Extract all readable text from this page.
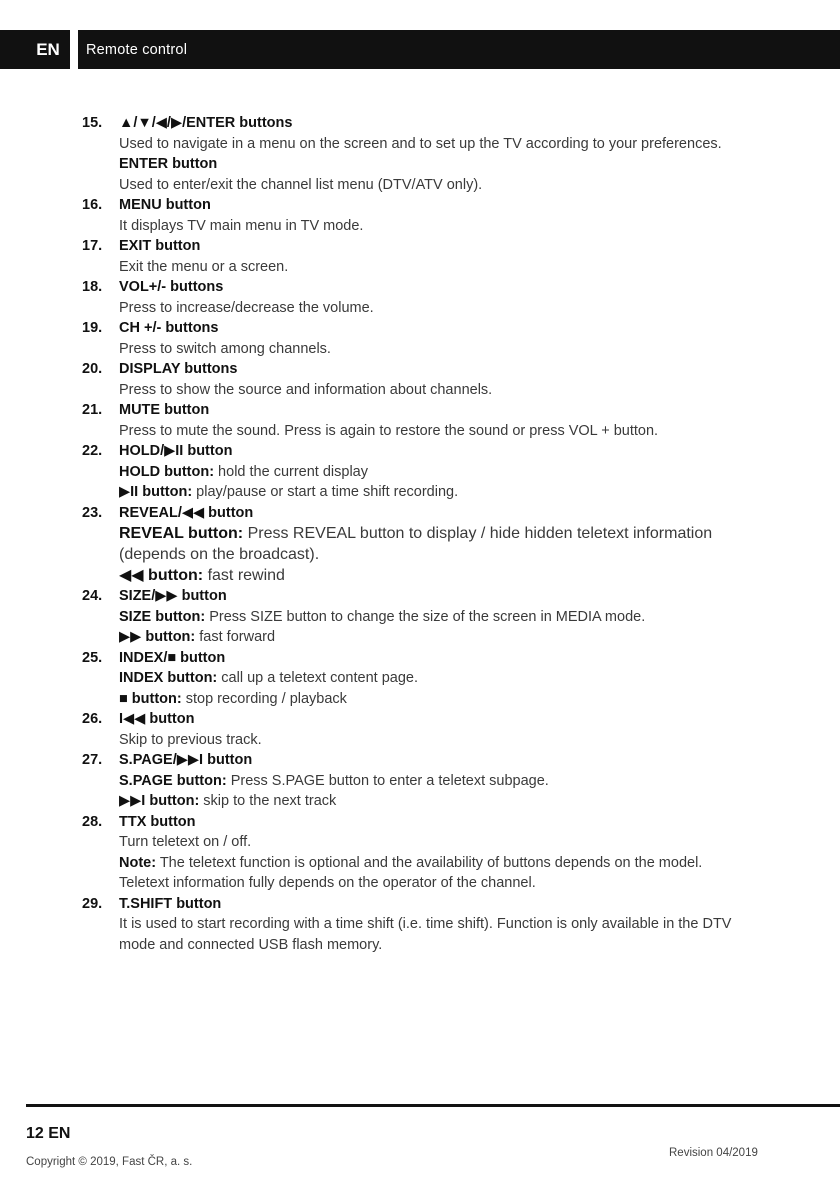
EN	Remote control
15.	▲/▼/◀/▶/ENTER buttons
Used to navigate in a menu on the screen and to set up the TV according to your preferences.
ENTER button
Used to enter/exit the channel list menu (DTV/ATV only).
16.	MENU button
It displays TV main menu in TV mode.
17.	EXIT button
Exit the menu or a screen.
18.	VOL+/- buttons
Press to increase/decrease the volume.
19.	CH +/- buttons
Press to switch among channels.
20.	DISPLAY buttons
Press to show the source and information about channels.
21.	MUTE button
Press to mute the sound. Press is again to restore the sound or press VOL + button.
22.	HOLD/▶II button
HOLD button: hold the current display
▶II button: play/pause or start a time shift recording.
23.	REVEAL/◀◀ button
REVEAL button: Press REVEAL button to display / hide hidden teletext information (depends on the broadcast).
◀◀ button: fast rewind
24.	SIZE/▶▶ button
SIZE button: Press SIZE button to change the size of the screen in MEDIA mode.
▶▶ button: fast forward
25.	INDEX/■ button
INDEX button: call up a teletext content page.
■ button: stop recording / playback
26.	I◀◀ button
Skip to previous track.
27.	S.PAGE/▶▶I button
S.PAGE button: Press S.PAGE button to enter a teletext subpage.
▶▶I button: skip to the next track
28.	TTX button
Turn teletext on / off.
Note: The teletext function is optional and the availability of buttons depends on the model. Teletext information fully depends on the operator of the channel.
29.	T.SHIFT button
It is used to start recording with a time shift (i.e. time shift). Function is only available in the DTV mode and connected USB flash memory.
12 EN
Revision 04/2019
Copyright © 2019, Fast ČR, a. s.
